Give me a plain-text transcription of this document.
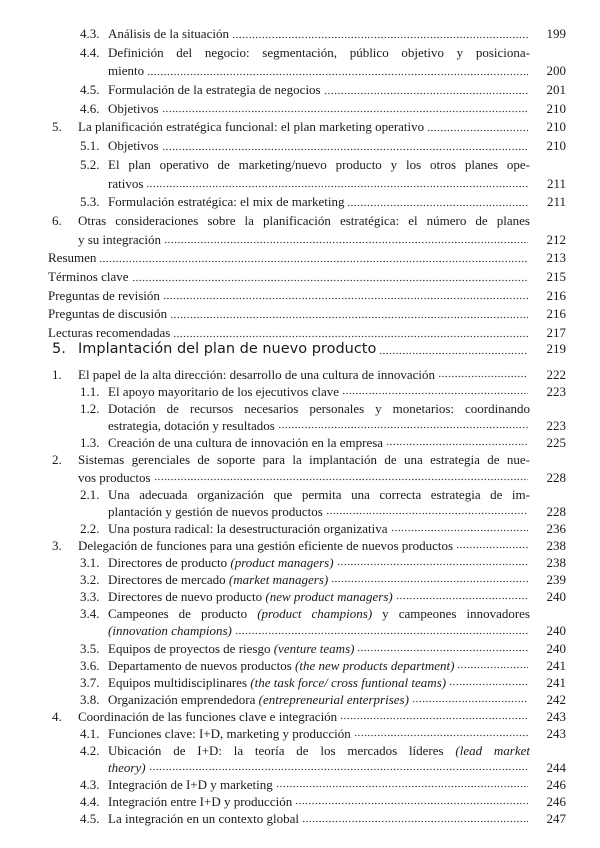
4.3. Análisis de la situación	199
4.4. Definición del negocio: segmentación, público objetivo y posiciona-
miento	200
4.5. Formulación de la estrategia de negocios	201
4.6. Objetivos	210
5. La planificación estratégica funcional: el plan marketing operativo	210
5.1. Objetivos	210
5.2. El plan operativo de marketing/nuevo producto y los otros planes ope-
rativos	211
5.3. Formulación estratégica: el mix de marketing	211
6. Otras consideraciones sobre la planificación estratégica: el número de planes
y su integración	212
Resumen	213
Términos clave	215
Preguntas de revisión	216
Preguntas de discusión	216
Lecturas recomendadas	217
5. Implantación del plan de nuevo producto	219
1. El papel de la alta dirección: desarrollo de una cultura de innovación	222
1.1. El apoyo mayoritario de los ejecutivos clave	223
1.2. Dotación de recursos necesarios personales y monetarios: coordinando
estrategia, dotación y resultados	223
1.3. Creación de una cultura de innovación en la empresa	225
2. Sistemas gerenciales de soporte para la implantación de una estrategia de nue-
vos productos	228
2.1. Una adecuada organización que permita una correcta estrategia de im-
plantación y gestión de nuevos productos	228
2.2. Una postura radical: la desestructuración organizativa	236
3. Delegación de funciones para una gestión eficiente de nuevos productos	238
3.1. Directores de producto (product managers)	238
3.2. Directores de mercado (market managers)	239
3.3. Directores de nuevo producto (new product managers)	240
3.4. Campeones de producto (product champions) y campeones innovadores
(innovation champions)	240
3.5. Equipos de proyectos de riesgo (venture teams)	240
3.6. Departamento de nuevos productos (the new products department)	241
3.7. Equipos multidisciplinares (the task force/ cross funtional teams)	241
3.8. Organización emprendedora (entrepreneurial enterprises)	242
4. Coordinación de las funciones clave e integración	243
4.1. Funciones clave: I+D, marketing y producción	243
4.2. Ubicación de I+D: la teoría de los mercados líderes (lead market
theory)	244
4.3. Integración de I+D y marketing	246
4.4. Integración entre I+D y producción	246
4.5. La integración en un contexto global	247
